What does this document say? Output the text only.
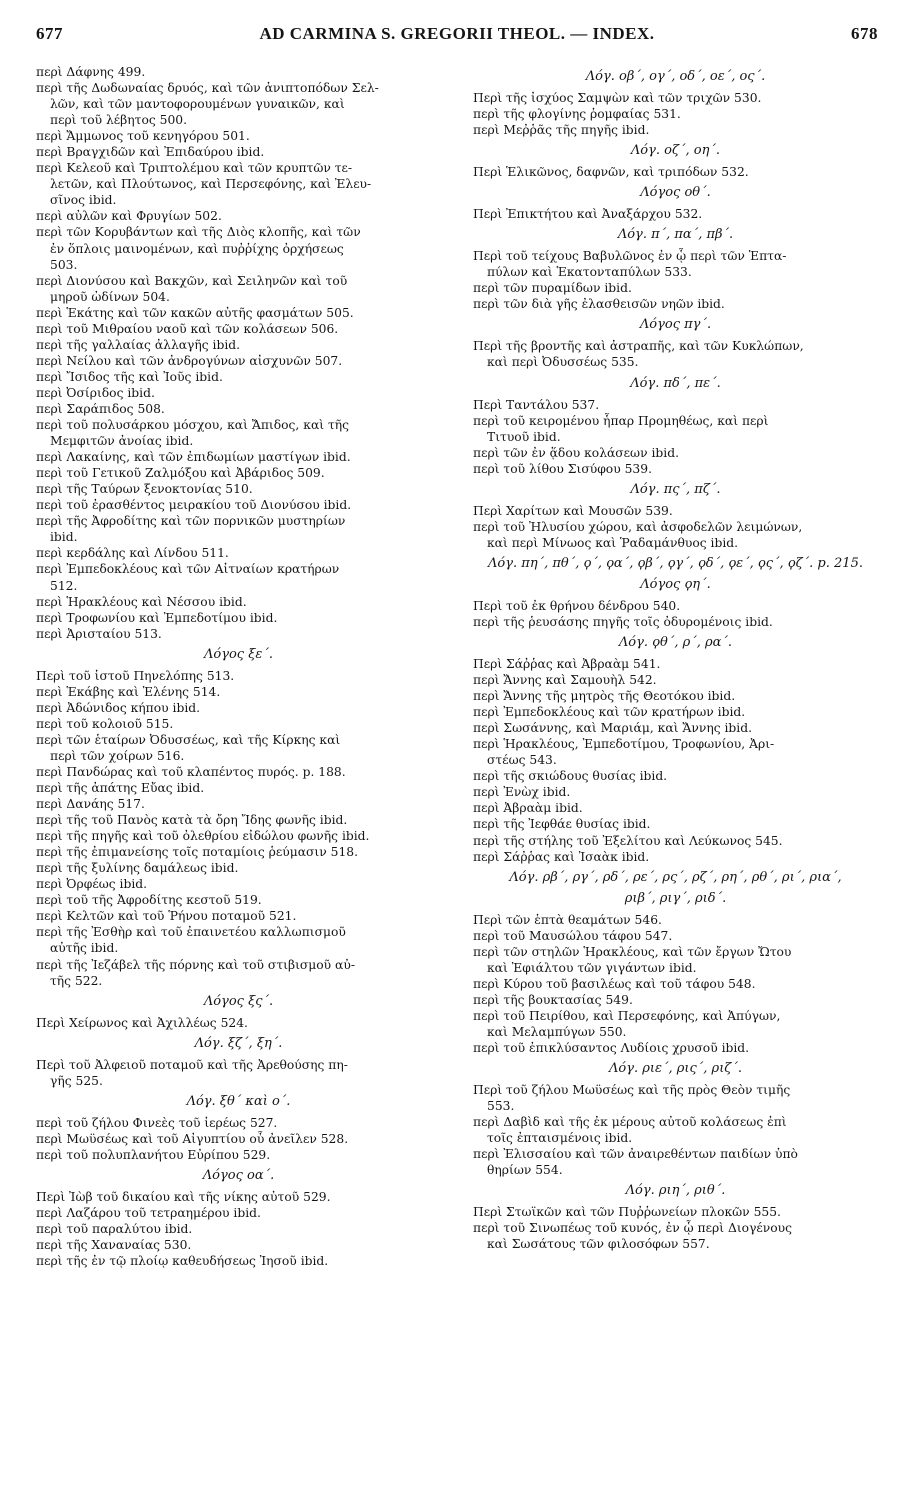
677	AD CARMINA S. GREGORII THEOL. — INDEX.	678
περὶ Δάφνης 499.
περὶ τῆς Δωδωναίας δρυός, καὶ τῶν ἀνιπτοπόδων Σελ-
λῶν, καὶ τῶν μαντοφορουμένων γυναικῶν, καὶ
περὶ τοῦ λέβητος 500.
περὶ Ἄμμωνος τοῦ κενηγόρου 501.
περὶ Βραγχιδῶν καὶ Ἐπιδαύρου ibid.
περὶ Κελεοῦ καὶ Τριπτολέμου καὶ τῶν κρυπτῶν τε-
λετῶν, καὶ Πλούτωνος, καὶ Περσεφόνης, καὶ Ἐλευ-
σῖνος ibid.
περὶ αὐλῶν καὶ Φρυγίων 502.
περὶ τῶν Κορυβάντων καὶ τῆς Διὸς κλοπῆς, καὶ τῶν
ἐν ὅπλοις μαινομένων, καὶ πυῤῥίχης ὀρχήσεως
503.
περὶ Διονύσου καὶ Βακχῶν, καὶ Σειληνῶν καὶ τοῦ
μηροῦ ὠδίνων 504.
περὶ Ἑκάτης καὶ τῶν κακῶν αὐτῆς φασμάτων 505.
περὶ τοῦ Μιθραίου ναοῦ καὶ τῶν κολάσεων 506.
περὶ τῆς γαλλαίας ἀλλαγῆς ibid.
περὶ Νείλου καὶ τῶν ἀνδρογύνων αἰσχυνῶν 507.
περὶ Ἴσιδος τῆς καὶ Ἰοῦς ibid.
περὶ Ὀσίριδος ibid.
περὶ Σαράπιδος 508.
περὶ τοῦ πολυσάρκου μόσχου, καὶ Ἄπιδος, καὶ τῆς
Μεμφιτῶν ἀνοίας ibid.
περὶ Λακαίνης, καὶ τῶν ἐπιδωμίων μαστίγων ibid.
περὶ τοῦ Γετικοῦ Ζαλμόξου καὶ Ἀβάριδος 509.
περὶ τῆς Ταύρων ξενοκτονίας 510.
περὶ τοῦ ἐρασθέντος μειρακίου τοῦ Διονύσου ibid.
περὶ τῆς Ἀφροδίτης καὶ τῶν πορνικῶν μυστηρίων
ibid.
περὶ κερδάλης καὶ Λίνδου 511.
περὶ Ἐμπεδοκλέους καὶ τῶν Αἰτναίων κρατήρων
512.
περὶ Ἡρακλέους καὶ Νέσσου ibid.
περὶ Τροφωνίου καὶ Ἐμπεδοτίμου ibid.
περὶ Ἀρισταίου 513.
Λόγος ξε΄.
Περὶ τοῦ ἱστοῦ Πηνελόπης 513.
περὶ Ἑκάβης καὶ Ἑλένης 514.
περὶ Ἀδώνιδος κήπου ibid.
περὶ τοῦ κολοιοῦ 515.
περὶ τῶν ἑταίρων Ὀδυσσέως, καὶ τῆς Κίρκης καὶ
περὶ τῶν χοίρων 516.
περὶ Πανδώρας καὶ τοῦ κλαπέντος πυρός. p. 188.
περὶ τῆς ἀπάτης Εὔας ibid.
περὶ Δανάης 517.
περὶ τῆς τοῦ Πανὸς κατὰ τὰ ὄρη Ἴδης φωνῆς ibid.
περὶ τῆς πηγῆς καὶ τοῦ ὀλεθρίου εἰδώλου φωνῆς ibid.
περὶ τῆς ἐπιμανείσης τοῖς ποταμίοις ῥεύμασιν 518.
περὶ τῆς ξυλίνης δαμάλεως ibid.
περὶ Ὀρφέως ibid.
περὶ τοῦ τῆς Ἀφροδίτης κεστοῦ 519.
περὶ Κελτῶν καὶ τοῦ Ῥήνου ποταμοῦ 521.
περὶ τῆς Ἐσθὴρ καὶ τοῦ ἐπαινετέου καλλωπισμοῦ
αὐτῆς ibid.
περὶ τῆς Ἰεζάβελ τῆς πόρνης καὶ τοῦ στιβισμοῦ αὐ-
τῆς 522.
Λόγος ξς΄.
Περὶ Χείρωνος καὶ Ἀχιλλέως 524.
Λόγ. ξζ΄, ξη΄.
Περὶ τοῦ Ἀλφειοῦ ποταμοῦ καὶ τῆς Ἀρεθούσης πη-
γῆς 525.
Λόγ. ξθ΄ καὶ ο΄.
περὶ τοῦ ζήλου Φινεὲς τοῦ ἱερέως 527.
περὶ Μωϋσέως καὶ τοῦ Αἰγυπτίου οὗ ἀνεῖλεν 528.
περὶ τοῦ πολυπλανήτου Εὐρίπου 529.
Λόγος οα΄.
Περὶ Ἰὼβ τοῦ δικαίου καὶ τῆς νίκης αὐτοῦ 529.
περὶ Λαζάρου τοῦ τετραημέρου ibid.
περὶ τοῦ παραλύτου ibid.
περὶ τῆς Χαναναίας 530.
περὶ τῆς ἐν τῷ πλοίῳ καθευδήσεως Ἰησοῦ ibid.
Λόγ. οβ΄, ογ΄, οδ΄, οε΄, ος΄.
Περὶ τῆς ἰσχύος Σαμψὼν καὶ τῶν τριχῶν 530.
περὶ τῆς φλογίνης ῥομφαίας 531.
περὶ Μεῤῥᾶς τῆς πηγῆς ibid.
Λόγ. οζ΄, οη΄.
Περὶ Ἑλικῶνος, δαφνῶν, καὶ τριπόδων 532.
Λόγος οθ΄.
Περὶ Ἐπικτήτου καὶ Ἀναξάρχου 532.
Λόγ. π΄, πα΄, πβ΄.
Περὶ τοῦ τείχους Βαβυλῶνος ἐν ᾧ περὶ τῶν Ἑπτα-
πύλων καὶ Ἑκατονταπύλων 533.
περὶ τῶν πυραμίδων ibid.
περὶ τῶν διὰ γῆς ἐλασθεισῶν νηῶν ibid.
Λόγος πγ΄.
Περὶ τῆς βροντῆς καὶ ἀστραπῆς, καὶ τῶν Κυκλώπων,
καὶ περὶ Ὀδυσσέως 535.
Λόγ. πδ΄, πε΄.
Περὶ Ταντάλου 537.
περὶ τοῦ κειρομένου ἧπαρ Προμηθέως, καὶ περὶ
Τιτυοῦ ibid.
περὶ τῶν ἐν ᾅδου κολάσεων ibid.
περὶ τοῦ λίθου Σισύφου 539.
Λόγ. πς΄, πζ΄.
Περὶ Χαρίτων καὶ Μουσῶν 539.
περὶ τοῦ Ἠλυσίου χώρου, καὶ ἀσφοδελῶν λειμώνων,
καὶ περὶ Μίνωος καὶ Ῥαδαμάνθυος ibid.
Λόγ. πη΄, πθ΄, ϙ΄, ϙα΄, ϙβ΄, ϙγ΄, ϙδ΄, ϙε΄, ϙς΄, ϙζ΄. p. 215.
Λόγος ϙη΄.
Περὶ τοῦ ἐκ θρήνου δένδρου 540.
περὶ τῆς ῥευσάσης πηγῆς τοῖς ὀδυρομένοις ibid.
Λόγ. ϙθ΄, ρ΄, ρα΄.
Περὶ Σάῤῥας καὶ Ἀβραὰμ 541.
περὶ Ἄννης καὶ Σαμουὴλ 542.
περὶ Ἄννης τῆς μητρὸς τῆς Θεοτόκου ibid.
περὶ Ἐμπεδοκλέους καὶ τῶν κρατήρων ibid.
περὶ Σωσάννης, καὶ Μαριάμ, καὶ Ἄννης ibid.
περὶ Ἡρακλέους, Ἐμπεδοτίμου, Τροφωνίου, Ἀρι-
στέως 543.
περὶ τῆς σκιώδους θυσίας ibid.
περὶ Ἐνὼχ ibid.
περὶ Ἀβραὰμ ibid.
περὶ τῆς Ἰεφθάε θυσίας ibid.
περὶ τῆς στήλης τοῦ Ἐξελίτου καὶ Λεύκωνος 545.
περὶ Σάῤῥας καὶ Ἰσαὰκ ibid.
Λόγ. ρβ΄, ργ΄, ρδ΄, ρε΄, ρς΄, ρζ΄, ρη΄, ρθ΄, ρι΄, ρια΄,
ριβ΄, ριγ΄, ριδ΄.
Περὶ τῶν ἑπτὰ θεαμάτων 546.
περὶ τοῦ Μαυσώλου τάφου 547.
περὶ τῶν στηλῶν Ἡρακλέους, καὶ τῶν ἔργων Ὤτου
καὶ Ἐφιάλτου τῶν γιγάντων ibid.
περὶ Κύρου τοῦ βασιλέως καὶ τοῦ τάφου 548.
περὶ τῆς βουκτασίας 549.
περὶ τοῦ Πειρίθου, καὶ Περσεφόνης, καὶ Ἀπύγων,
καὶ Μελαμπύγων 550.
περὶ τοῦ ἐπικλύσαντος Λυδίοις χρυσοῦ ibid.
Λόγ. ριε΄, ρις΄, ριζ΄.
Περὶ τοῦ ζήλου Μωϋσέως καὶ τῆς πρὸς Θεὸν τιμῆς
553.
περὶ Δαβὶδ καὶ τῆς ἐκ μέρους αὐτοῦ κολάσεως ἐπὶ
τοῖς ἐπταισμένοις ibid.
περὶ Ἐλισσαίου καὶ τῶν ἀναιρεθέντων παιδίων ὑπὸ
θηρίων 554.
Λόγ. ριη΄, ριθ΄.
Περὶ Στωϊκῶν καὶ τῶν Πυῤῥωνείων πλοκῶν 555.
περὶ τοῦ Σινωπέως τοῦ κυνός, ἐν ᾧ περὶ Διογένους
καὶ Σωσάτους τῶν φιλοσόφων 557.
